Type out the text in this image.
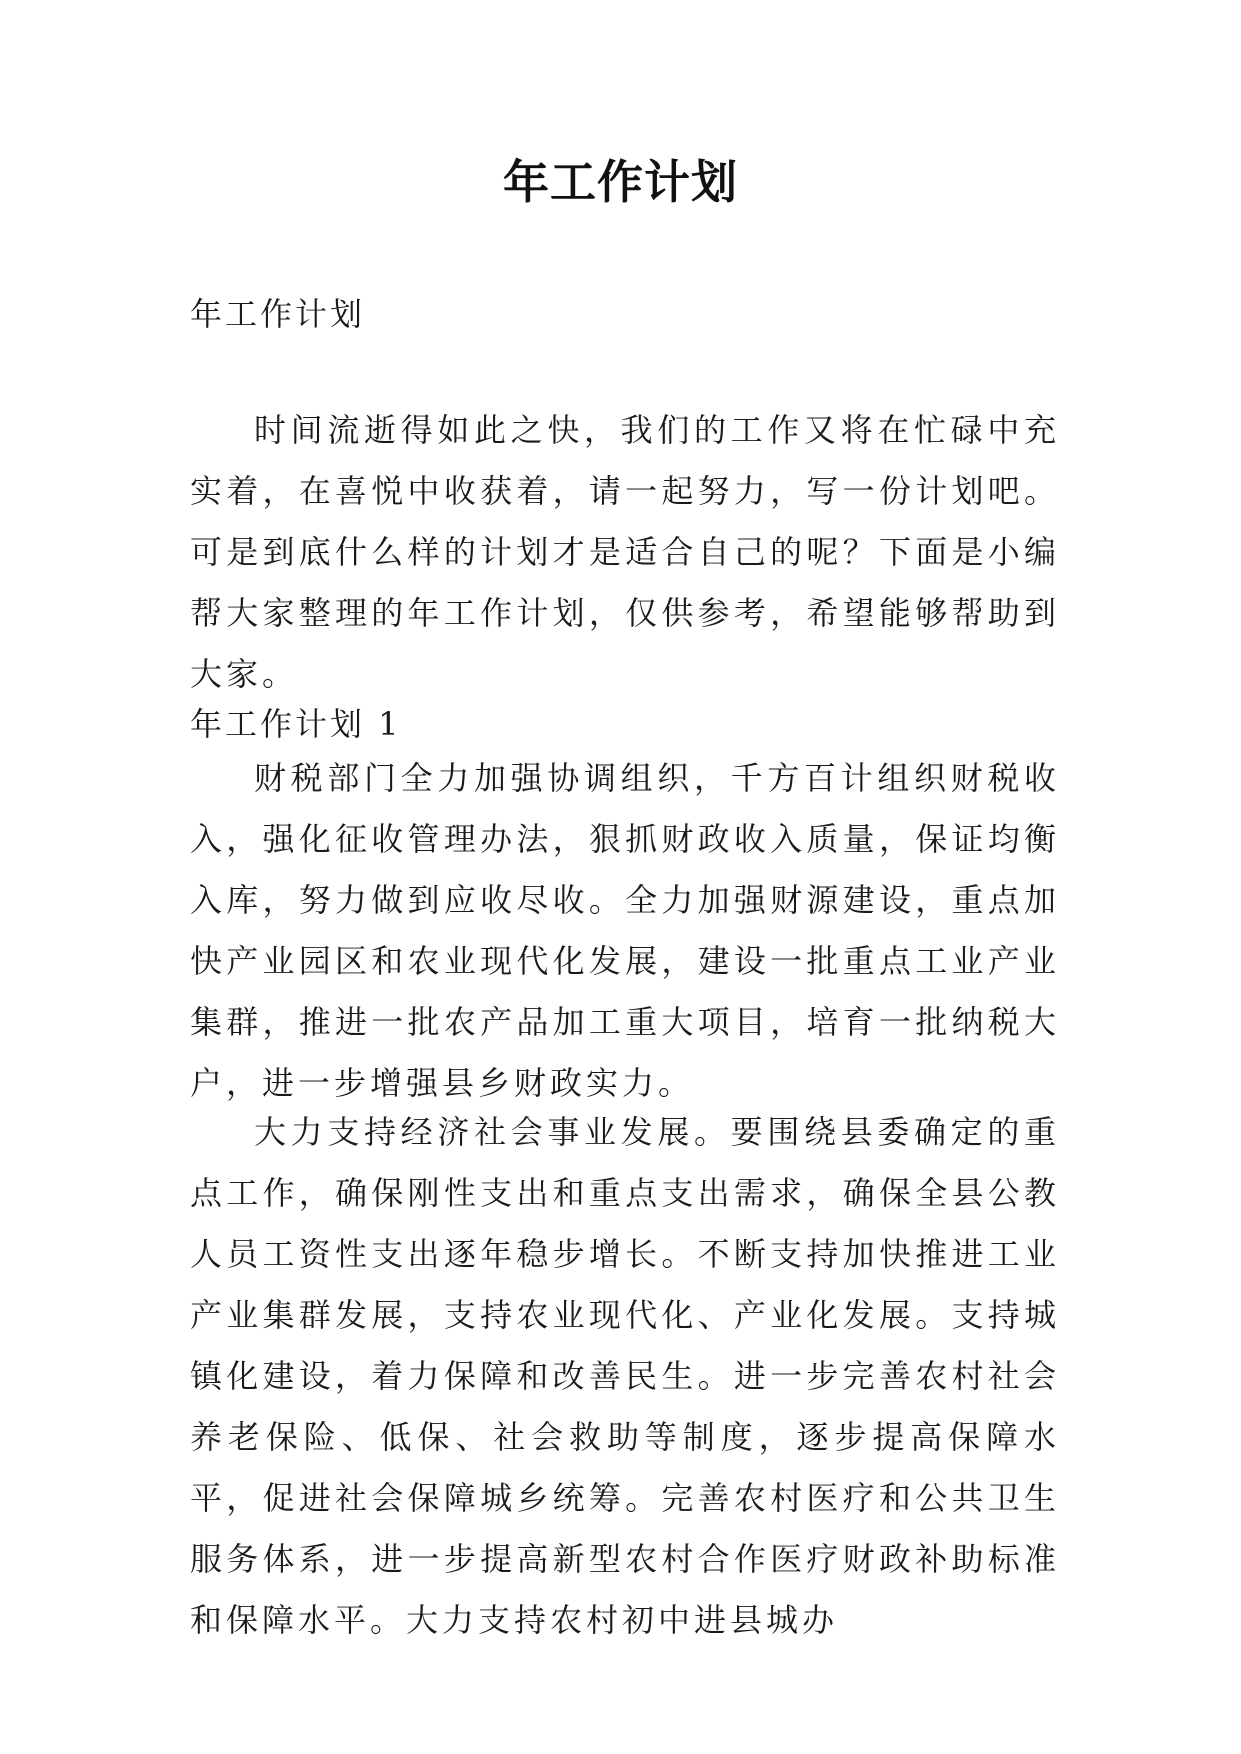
年工作计划

年工作计划

时间流逝得如此之快，我们的工作又将在忙碌中充实着，在喜悦中收获着，请一起努力，写一份计划吧。可是到底什么样的计划才是适合自己的呢？下面是小编帮大家整理的年工作计划，仅供参考，希望能够帮助到大家。

年工作计划 1

财税部门全力加强协调组织，千方百计组织财税收入，强化征收管理办法，狠抓财政收入质量，保证均衡入库，努力做到应收尽收。全力加强财源建设，重点加快产业园区和农业现代化发展，建设一批重点工业产业集群，推进一批农产品加工重大项目，培育一批纳税大户，进一步增强县乡财政实力。

大力支持经济社会事业发展。要围绕县委确定的重点工作，确保刚性支出和重点支出需求，确保全县公教人员工资性支出逐年稳步增长。不断支持加快推进工业产业集群发展，支持农业现代化、产业化发展。支持城镇化建设，着力保障和改善民生。进一步完善农村社会养老保险、低保、社会救助等制度，逐步提高保障水平，促进社会保障城乡统筹。完善农村医疗和公共卫生服务体系，进一步提高新型农村合作医疗财政补助标准和保障水平。大力支持农村初中进县城办
